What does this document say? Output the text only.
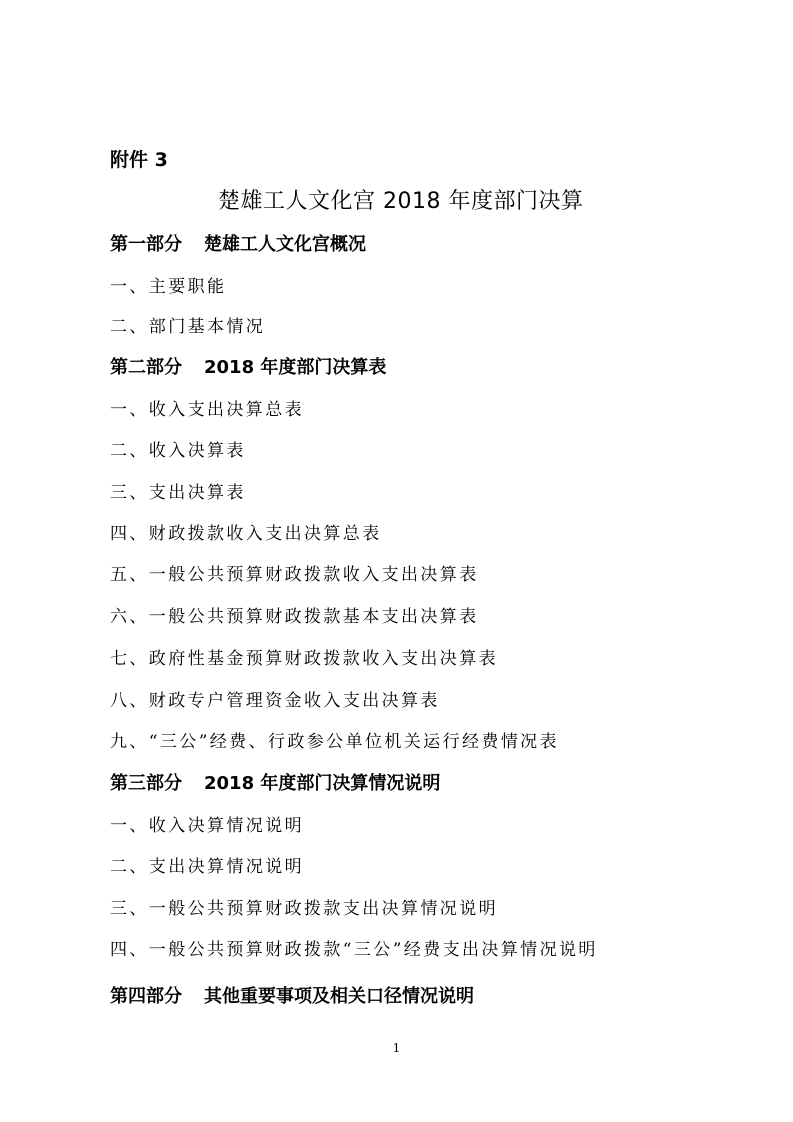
附件 3
楚雄工人文化宫 2018 年度部门决算
第一部分 楚雄工人文化宫概况
一、主要职能
二、部门基本情况
第二部分 2018 年度部门决算表
一、收入支出决算总表
二、收入决算表
三、支出决算表
四、财政拨款收入支出决算总表
五、一般公共预算财政拨款收入支出决算表
六、一般公共预算财政拨款基本支出决算表
七、政府性基金预算财政拨款收入支出决算表
八、财政专户管理资金收入支出决算表
九、“三公”经费、行政参公单位机关运行经费情况表
第三部分 2018 年度部门决算情况说明
一、收入决算情况说明
二、支出决算情况说明
三、一般公共预算财政拨款支出决算情况说明
四、一般公共预算财政拨款“三公”经费支出决算情况说明
第四部分 其他重要事项及相关口径情况说明
1
